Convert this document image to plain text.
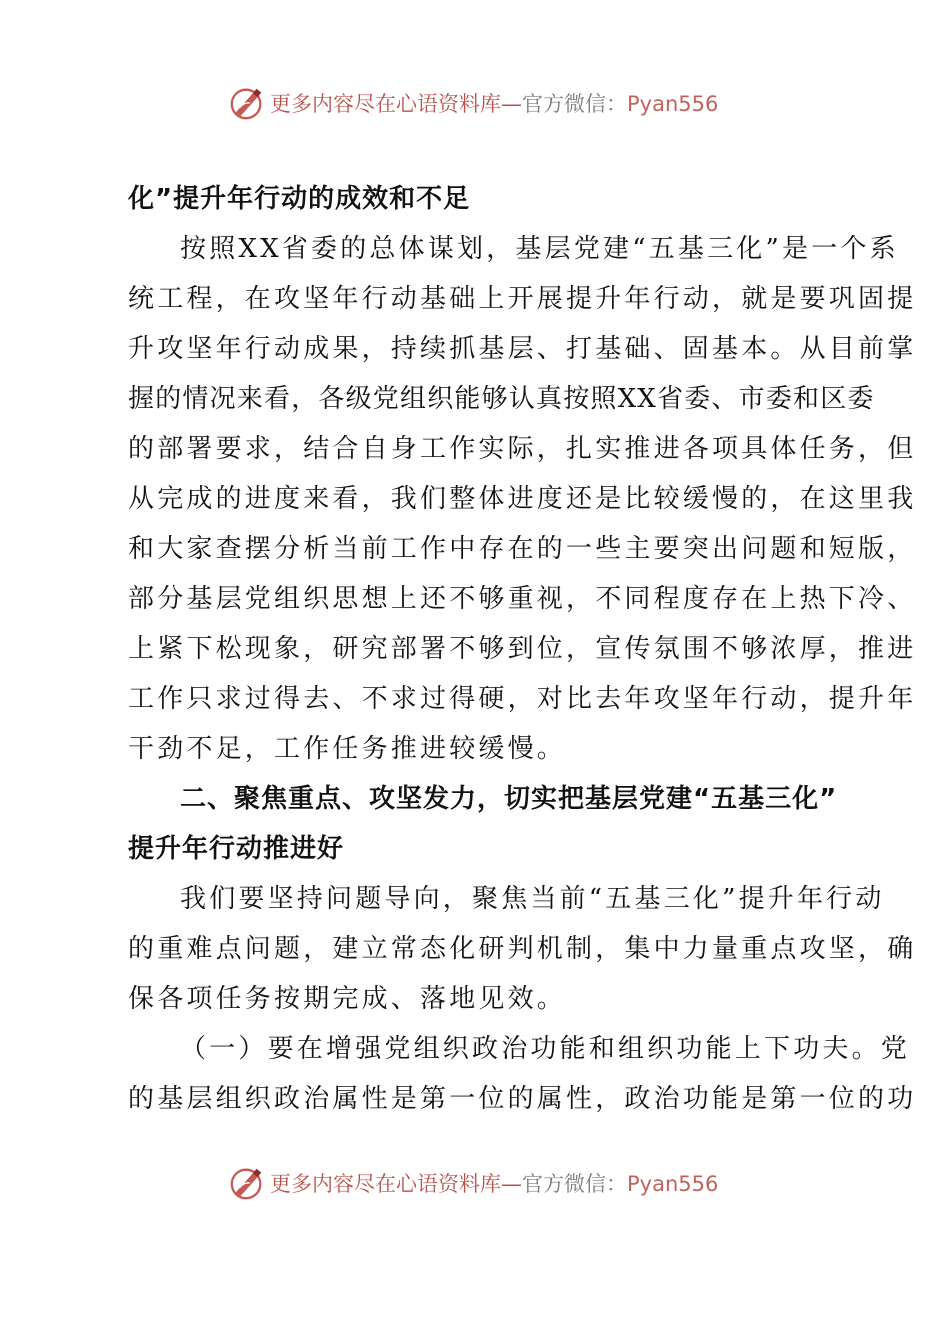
更多内容尽在心语资料库—官方微信：Pyan556
化”提升年行动的成效和不足
按照XX省委的总体谋划，基层党建“五基三化”是一个系
统工程，在攻坚年行动基础上开展提升年行动，就是要巩固提
升攻坚年行动成果，持续抓基层、打基础、固基本。从目前掌
握的情况来看，各级党组织能够认真按照XX省委、市委和区委
的部署要求，结合自身工作实际，扎实推进各项具体任务，但
从完成的进度来看，我们整体进度还是比较缓慢的，在这里我
和大家查摆分析当前工作中存在的一些主要突出问题和短版，
部分基层党组织思想上还不够重视，不同程度存在上热下冷、
上紧下松现象，研究部署不够到位，宣传氛围不够浓厚，推进
工作只求过得去、不求过得硬，对比去年攻坚年行动，提升年
干劲不足，工作任务推进较缓慢。
二、聚焦重点、攻坚发力，切实把基层党建“五基三化”
提升年行动推进好
我们要坚持问题导向，聚焦当前“五基三化”提升年行动
的重难点问题，建立常态化研判机制，集中力量重点攻坚，确
保各项任务按期完成、落地见效。
（一）要在增强党组织政治功能和组织功能上下功夫。党
的基层组织政治属性是第一位的属性，政治功能是第一位的功
更多内容尽在心语资料库—官方微信：Pyan556
